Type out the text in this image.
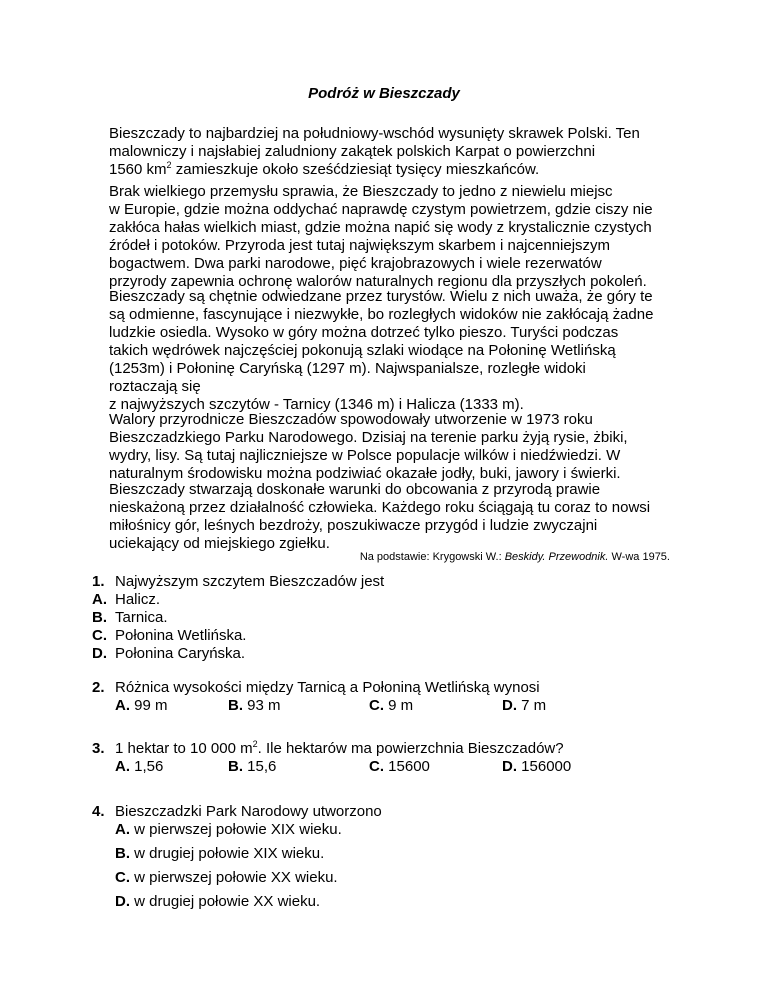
Podróż w Bieszczady
Bieszczady to najbardziej na południowy-wschód wysunięty skrawek Polski. Ten
malowniczy i najsłabiej zaludniony zakątek polskich Karpat o powierzchni
1560 $km^2$ zamieszkuje około sześćdziesiąt tysięcy mieszkańców.
Brak wielkiego przemysłu sprawia, że Bieszczady to jedno z niewielu miejsc
w Europie, gdzie można oddychać naprawdę czystym powietrzem, gdzie ciszy nie
zakłóca hałas wielkich miast, gdzie można napić się wody z krystalicznie czystych
źródeł i potoków. Przyroda jest tutaj największym skarbem i najcenniejszym
bogactwem. Dwa parki narodowe, pięć krajobrazowych i wiele rezerwatów
przyrody zapewnia ochronę walorów naturalnych regionu dla przyszłych pokoleń.
Bieszczady są chętnie odwiedzane przez turystów. Wielu z nich uważa, że góry te
są odmienne, fascynujące i niezwykłe, bo rozległych widoków nie zakłócają żadne
ludzkie osiedla. Wysoko w góry można dotrzeć tylko pieszo. Turyści podczas
takich wędrówek najczęściej pokonują szlaki wiodące na Połoninę Wetlińską
(1253m) i Połoninę Caryńską (1297 m). Najwspanialsze, rozległe widoki
roztaczają się
z najwyższych szczytów - Tarnicy (1346 m) i Halicza (1333 m).
Walory przyrodnicze Bieszczadów spowodowały utworzenie w 1973 roku
Bieszczadzkiego Parku Narodowego. Dzisiaj na terenie parku żyją rysie, żbiki,
wydry, lisy. Są tutaj najliczniejsze w Polsce populacje wilków i niedźwiedzi. W
naturalnym środowisku można podziwiać okazałe jodły, buki, jawory i świerki.
Bieszczady stwarzają doskonałe warunki do obcowania z przyrodą prawie
nieskażoną przez działalność człowieka. Każdego roku ściągają tu coraz to nowsi
miłośnicy gór, leśnych bezdroży, poszukiwacze przygód i ludzie zwyczajni
uciekający od miejskiego zgiełku.
Na podstawie: Krygowski W.: Beskidy. Przewodnik. W-wa 1975.
1. Najwyższym szczytem Bieszczadów jest
A. Halicz.
B. Tarnica.
C. Połonina Wetlińska.
D. Połonina Caryńska.
2. Różnica wysokości między Tarnicą a Połoniną Wetlińską wynosi
A. 99 m	B. 93 m	C. 9 m	D. 7 m
3. 1 hektar to 10 000 $m^2$. Ile hektarów ma powierzchnia Bieszczadów?
A. 1,56	B. 15,6	C. 15600	D. 156000
4. Bieszczadzki Park Narodowy utworzono
A. w pierwszej połowie XIX wieku.
B. w drugiej połowie XIX wieku.
C. w pierwszej połowie XX wieku.
D. w drugiej połowie XX wieku.
